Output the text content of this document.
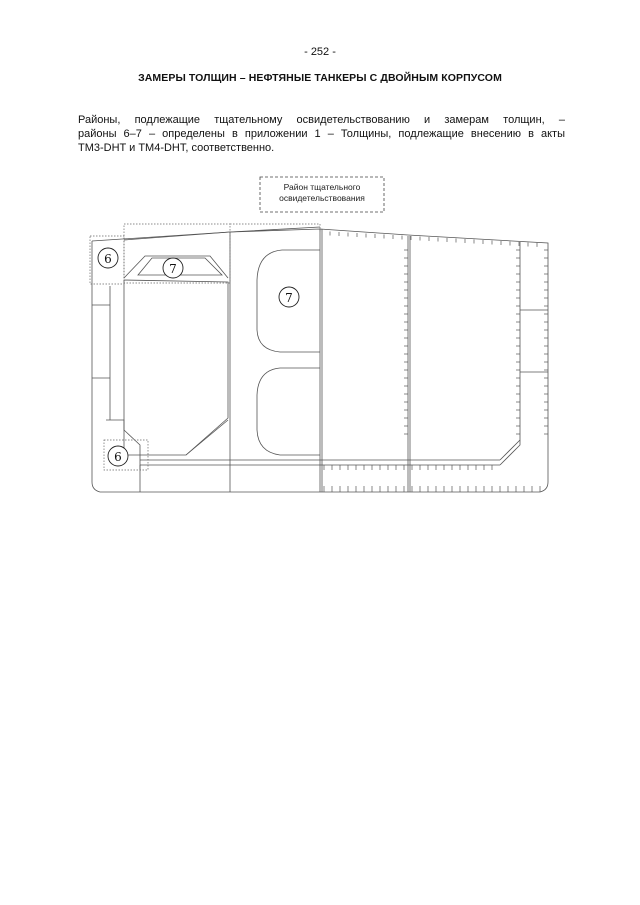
- 252 -
ЗАМЕРЫ ТОЛЩИН – НЕФТЯНЫЕ ТАНКЕРЫ С ДВОЙНЫМ КОРПУСОМ
Районы, подлежащие тщательному освидетельствованию и замерам толщин, –
районы 6–7 – определены в приложении 1 – Толщины, подлежащие внесению в акты
TM3-DHT и TM4-DHT, соответственно.
Район тщательного
освидетельствования
6
7
7
6
